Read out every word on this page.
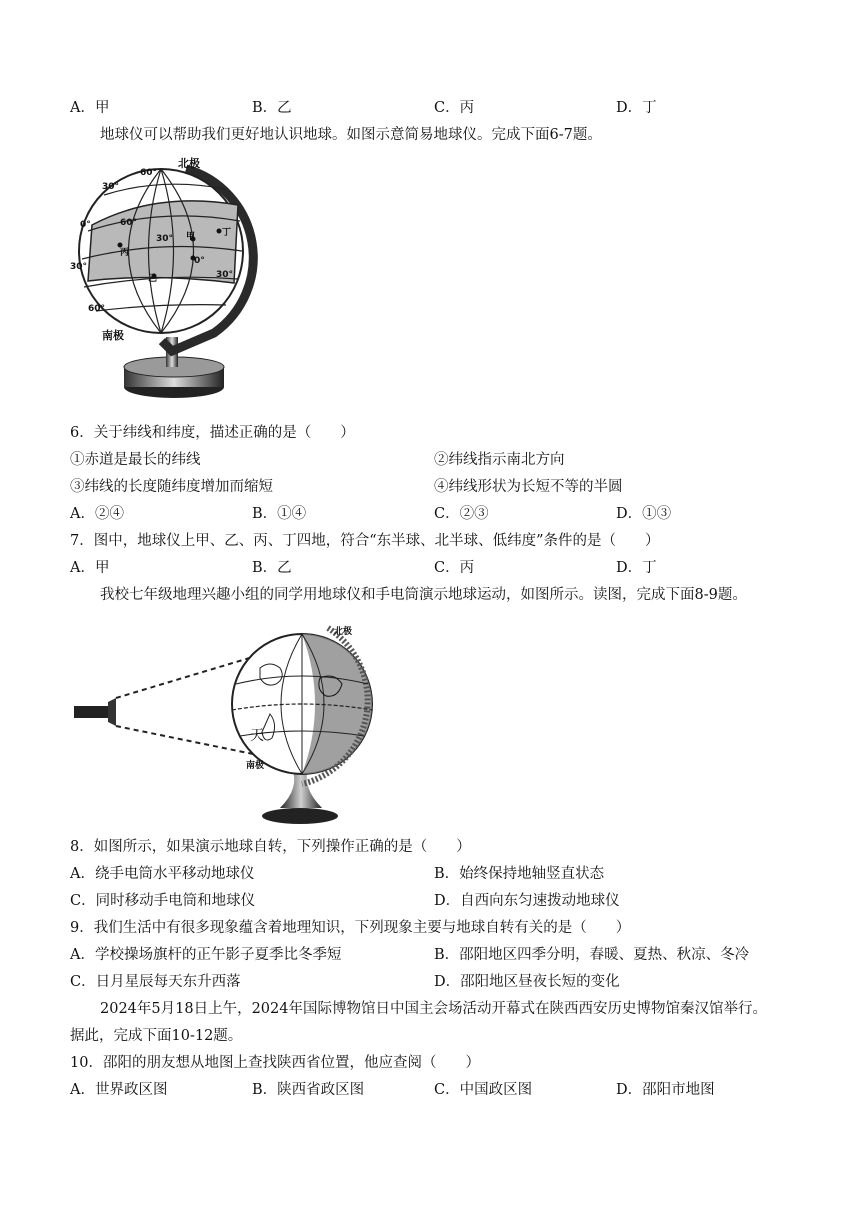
A．甲	B．乙	C．丙	D．丁
地球仪可以帮助我们更好地认识地球。如图示意简易地球仪。完成下面6-7题。
北极
南极
60°
30°
0°
30°
60°
60°
30°
30°
0°
甲
乙
丙
丁
6．关于纬线和纬度，描述正确的是（　　）
①赤道是最长的纬线	②纬线指示南北方向
③纬线的长度随纬度增加而缩短	④纬线形状为长短不等的半圆
A．②④	B．①④	C．②③	D．①③
7．图中，地球仪上甲、乙、丙、丁四地，符合“东半球、北半球、低纬度”条件的是（　　）
A．甲	B．乙	C．丙	D．丁
我校七年级地理兴趣小组的同学用地球仪和手电筒演示地球运动，如图所示。读图，完成下面8-9题。
北极
南极
天
8．如图所示，如果演示地球自转，下列操作正确的是（　　）
A．绕手电筒水平移动地球仪	B．始终保持地轴竖直状态
C．同时移动手电筒和地球仪	D．自西向东匀速拨动地球仪
9．我们生活中有很多现象蕴含着地理知识，下列现象主要与地球自转有关的是（　　）
A．学校操场旗杆的正午影子夏季比冬季短	B．邵阳地区四季分明，春暖、夏热、秋凉、冬冷
C．日月星辰每天东升西落	D．邵阳地区昼夜长短的变化
2024年5月18日上午，2024年国际博物馆日中国主会场活动开幕式在陕西西安历史博物馆秦汉馆举行。
据此，完成下面10-12题。
10．邵阳的朋友想从地图上查找陕西省位置，他应查阅（　　）
A．世界政区图	B．陕西省政区图	C．中国政区图	D．邵阳市地图
